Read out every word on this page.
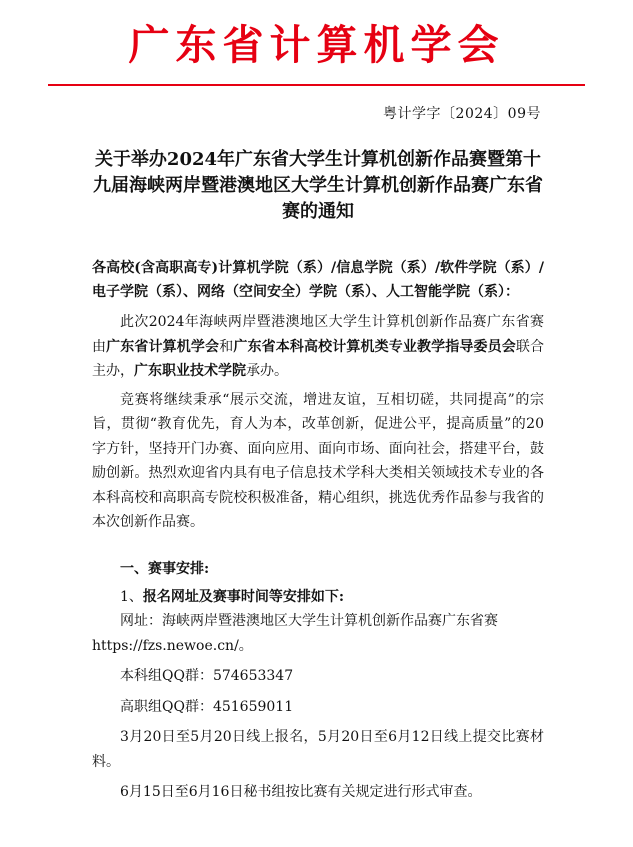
广东省计算机学会
粤计学字〔2024〕09号
关于举办2024年广东省大学生计算机创新作品赛暨第十九届海峡两岸暨港澳地区大学生计算机创新作品赛广东省赛的通知
各高校(含高职高专)计算机学院（系）/信息学院（系）/软件学院（系）/电子学院（系）、网络（空间安全）学院（系）、人工智能学院（系）：

此次2024年海峡两岸暨港澳地区大学生计算机创新作品赛广东省赛由广东省计算机学会和广东省本科高校计算机类专业教学指导委员会联合主办，广东职业技术学院承办。

竞赛将继续秉承“展示交流，增进友谊，互相切磋，共同提高”的宗旨，贯彻“教育优先，育人为本，改革创新，促进公平，提高质量”的20字方针，坚持开门办赛、面向应用、面向市场、面向社会，搭建平台，鼓励创新。热烈欢迎省内具有电子信息技术学科大类相关领域技术专业的各本科高校和高职高专院校积极准备，精心组织，挑选优秀作品参与我省的本次创新作品赛。

一、赛事安排:
1、报名网址及赛事时间等安排如下:
网址：海峡两岸暨港澳地区大学生计算机创新作品赛广东省赛
https://fzs.newoe.cn/。
本科组QQ群：574653347
高职组QQ群：451659011

3月20日至5月20日线上报名，5月20日至6月12日线上提交比赛材料。

6月15日至6月16日秘书组按比赛有关规定进行形式审查。
